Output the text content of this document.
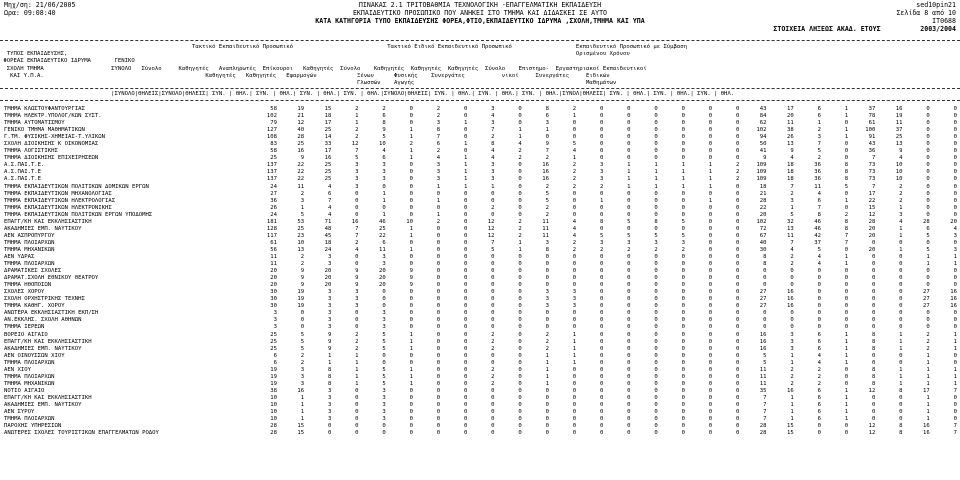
Μηχ/ση: 21/06/2005
Ωρα: 09:08:40
ΠΙΝΑΚΑΣ 2.1 ΤΡΙΤΟΒΑΘΜΙΑ ΤΕΧΝΟΛΟΓΙΚΗ -ΕΠΑΓΓΕΛΜΑΤΙΚΗ ΕΚΠΑΙΔΕΥΣΗ
ΕΚΠΑΙΔΕΥΤΙΚΟ ΠΡΟΣΩΠΙΚΟ ΠΟΥ ΑΝΗΚΕΙ ΣΤΟ ΤΜΗΜΑ ΚΑΙ ΔΙΔΑΣΚΕΙ ΣΕ ΑΥΤΟ
ΚΑΤΑ ΚΑΤΗΓΟΡΙΑ ΤΥΠΟ ΕΚΠΑΙΔΕΥΣΗΣ ΦΟΡΕΑ,ΦΤΙΟ,ΕΚΠΑΙΔΕΥΤΙΚΟ ΙΔΡΥΜΑ ,ΣΧΟΛΗ,ΤΜΗΜΑ ΚΑΙ ΥΠΑ
sed10pin21
Σελίδα 8 από 10
IT0688
ΣΤΟΙΧΕΙΑ ΛΗΞΕΩΣ ΑΚΑΔ. ΕΤΟΥΣ          2003/2004
Τακτικό Εκπαιδευτικό Προσωπικό                            Τακτικό Ειδικό Εκπαιδευτικό Προσωπικό                   Εκπαιδευτικό Προσωπικό με Σύμβαση
ΤΥΠΟΣ ΕΚΠΑΙΔΕΥΣΗΣ,                                                                                                                                                       Ορισμένου Χρόνου
ΦΟΡΕΑΣ ΕΚΠΑΙΔΕΥΤΙΚΟ ΙΔΡΥΜΑ       ΓΕΝΙΚΟ
ΣΧΟΛΗ ΤΜΗΜΑ                    ΣΥΝΟΛΟ   Σύνολο     Καθηγητές   Αναπληρωτές  Επίκουροι   Καθηγητές  Σύνολο    Καθηγητές  Καθηγητές  Καθηγητές  Σύνολο    Επιστημο-  Εργαστηριακοί Εκπαιδευτικοί
ΚΑΙ Υ.Π.Α.                                                Καθηγητές   Καθηγητές   Εφαρμογών            Ξένων      Φυσικής    Συνεργάτες           νικοί     Συνεργάτες     Ειδικών
Γλωσσών    Αγωγής                                                   Μαθημάτων
|ΣΥΝΟΛΟ|ΘΗΛΕΙΣ|ΣΥΝΟΛΟ|ΘΗΛΕΙΣ| ΣΥΝ. | ΘΗΛ.| ΣΥΝ. | ΘΗΛ.| ΣΥΝ. | ΘΗΛ.| ΣΥΝ. | ΘΗΛ.|ΣΥΝΟΛΟ|ΘΗΛΕΙΣ| ΣΥΝ. | ΘΗΛ.| ΣΥΝ. | ΘΗΛ.| ΣΥΝ. | ΘΗΛ.|ΣΥΝΟΛ|ΘΗΛΕΙΣ| ΣΥΝ. | ΘΗΛ.| ΣΥΝ. | ΘΗΛ.| ΣΥΝ. | ΘΗΛ.
ΤΜΗΜΑ ΚΛΩΣΤΟΥΦΑΝΤΟΥΡΓΙΑΣ	58	19	15	2	2	0	2	0	3	0	8	2	0	0	0	0	0	0	43	17	6	1	37	16	0	0
ΤΜΗΜΑ ΗΛΕΚΤΡ.ΥΠΟΛΟΓ/ΚΩΝ ΣΥΣΤ.	102	21	18	1	6	0	2	0	4	0	6	1	0	0	0	0	0	0	84	20	6	1	78	19	0	0
ΤΜΗΜΑ ΑΥΤΟΜΑΤΙΣΜΟΥ	79	12	17	1	8	0	3	1	3	0	3	0	0	0	0	0	0	0	62	11	1	0	61	11	0	0
ΓΕΝΙΚΟ ΤΜΗΜΑ ΜΑΘΗΜΑΤΙΚΩΝ	127	40	25	2	9	1	8	0	7	1	1	0	0	0	0	0	0	0	102	38	2	1	100	37	0	0
Γ.ΤΜ. ΦΥΣΙΚΗΣ-ΧΗΜΕΙΑΣ-Τ.ΥΛΙΚΩΝ	108	28	14	2	5	1	7	0	2	1	0	0	0	0	0	0	0	0	94	26	3	1	91	25	0	0
ΣΧΟΛΗ ΔΙΟΙΚΗΣΗΣ Κ ΟΙΚΟΝΟΜΙΑΣ	83	25	33	12	10	2	6	1	8	4	9	5	0	0	0	0	0	0	50	13	7	0	43	13	0	0
ΤΜΗΜΑ ΛΟΓΙΣΤΙΚΗΣ	58	16	17	7	4	1	2	0	4	2	7	4	0	0	0	0	0	0	41	9	5	0	36	9	0	0
ΤΜΗΜΑ ΔΙΟΙΚΗΣΗΣ ΕΠΙΧΕΙΡΗΣΕΩΝ	25	9	16	5	6	1	4	1	4	2	2	1	0	0	0	0	0	0	9	4	2	0	7	4	0	0
Α.Σ.ΠΑΙ.Τ.Ε.	137	22	25	3	3	0	3	1	3	0	16	2	3	1	1	1	1	2	109	18	36	8	73	10	0	0
Α.Σ.ΠΑΙ.Τ.Ε	137	22	25	3	3	0	3	1	3	0	16	2	3	1	1	1	1	2	109	18	36	8	73	10	0	0
Α.Σ.ΠΑΙ.Τ.Ε	137	22	25	3	3	0	3	1	3	0	16	2	3	1	1	1	1	2	109	18	36	8	73	10	0	0
ΤΜΗΜΑ ΕΚΠΑΙΔΕΥΤΙΚΩΝ ΠΟΛΙΤΙΚΩΝ ΔΟΜΙΚΩΝ ΕΡΓΩΝ	24	11	4	3	0	0	1	1	1	0	2	2	2	1	1	1	1	0	18	7	11	5	7	2	0	0
ΤΜΗΜΑ ΕΚΠΑΙΔΕΥΤΙΚΩΝ ΜΗΧΑΝΟΛΟΓΙΑΣ	27	2	6	0	1	0	0	0	0	0	5	0	0	0	0	0	0	0	21	2	4	0	17	2	0	0
ΤΜΗΜΑ ΕΚΠΑΙΔΕΥΤΙΚΩΝ ΗΛΕΚΤΡΟΛΟΓΙΑΣ	36	3	7	0	1	0	1	0	0	0	5	0	1	0	0	0	1	0	28	3	6	1	22	2	0	0
ΤΜΗΜΑ ΕΚΠΑΙΔΕΥΤΙΚΩΝ ΗΛΕΚΤΡΟΝΙΚΗΣ	26	1	4	0	0	0	0	0	2	0	2	0	0	0	0	0	0	0	22	1	7	0	15	1	0	0
ΤΜΗΜΑ ΕΚΠΑΙΔΕΥΤΙΚΩΝ ΠΟΛΙΤΙΚΩΝ ΕΡΓΩΝ ΥΠΟΔΟΜΗΣ	24	5	4	0	1	0	1	0	0	0	2	0	0	0	0	0	0	0	20	5	8	2	12	3	0	0
ΕΠΑΓΓ/ΚΗ ΚΑΙ ΕΚΚΛΗΣΙΑΣΤΙΚΗ	181	53	71	16	46	10	2	0	12	2	11	4	8	5	8	5	0	0	102	32	46	8	28	4	28	20
ΑΚΑΔΗΜΙΕΣ ΕΜΠ. ΝΑΥΤΙΚΟΥ	128	25	48	7	25	1	0	0	12	2	11	4	0	0	0	0	0	0	72	13	46	8	20	1	6	4
ΑΕΝ ΑΣΠΡΟΠΥΡΓΟΥ	117	23	45	7	22	1	0	0	12	2	11	4	5	5	5	5	0	0	67	11	42	7	20	1	5	3
ΤΜΗΜΑ ΠΛΟΙΑΡΧΩΝ	61	10	18	2	6	0	0	0	7	1	3	2	3	3	3	3	0	0	40	7	37	7	0	0	0	0
ΤΜΗΜΑ ΜΗΧΑΝΙΚΩΝ	56	13	24	4	11	1	0	0	5	1	8	2	2	2	2	2	0	0	30	4	5	0	20	1	5	3
ΑΕΝ ΥΔΡΑΣ	11	2	3	0	3	0	0	0	0	0	0	0	0	0	0	0	0	0	8	2	4	1	0	0	1	1
ΤΜΗΜΑ ΠΛΟΙΑΡΧΩΝ	11	2	3	0	3	0	0	0	0	0	0	0	0	0	0	0	0	0	8	2	4	1	0	0	1	1
ΔΡΑΜΑΤΙΚΕΣ ΣΧΟΛΕΣ	20	9	20	9	20	9	0	0	0	0	0	0	0	0	0	0	0	0	0	0	0	0	0	0	0	0
ΔΡΑΜΑΤ.ΣΧΟΛΗ ΕΘΝΙΚΟΥ ΘΕΑΤΡΟΥ	20	9	20	9	20	9	0	0	0	0	0	0	0	0	0	0	0	0	0	0	0	0	0	0	0	0
ΤΜΗΜΑ ΗΘΟΠΟΙΩΝ	20	9	20	9	20	9	0	0	0	0	0	0	0	0	0	0	0	0	0	0	0	0	0	0	0	0
ΣΧΟΛΕΣ ΧΟΡΟΥ	30	19	3	3	0	0	0	0	0	0	3	3	0	0	0	0	0	0	27	16	0	0	0	0	27	16
ΣΧΟΛΗ ΟΡΧΗΣΤΡΙΚΗΣ ΤΕΧΝΗΣ	30	19	3	3	0	0	0	0	0	0	3	3	0	0	0	0	0	0	27	16	0	0	0	0	27	16
ΤΜΗΜΑ ΚΑΘΗΓ. ΧΟΡΟΥ	30	19	3	3	0	0	0	0	0	0	3	3	0	0	0	0	0	0	27	16	0	0	0	0	27	16
ΑΝΩΤΕΡΑ ΕΚΚΛΗΣΙΑΣΤΙΚΗ ΕΚΠ/ΣΗ	3	0	3	0	3	0	0	0	0	0	0	0	0	0	0	0	0	0	0	0	0	0	0	0	0	0
ΑΝ.ΕΚΚΛΗΣ. ΣΧΟΛΗ ΑΘΗΝΩΝ	3	0	3	0	3	0	0	0	0	0	0	0	0	0	0	0	0	0	0	0	0	0	0	0	0	0
ΤΜΗΜΑ ΙΕΡΕΩΝ	3	0	3	0	3	0	0	0	0	0	0	0	0	0	0	0	0	0	0	0	0	0	0	0	0	0
ΒΟΡΕΙΟ ΑΙΓΑΙΟ	25	5	9	2	5	1	0	0	2	0	2	1	0	0	0	0	0	0	16	3	6	1	8	1	2	1
ΕΠΑΓΓ/ΚΗ ΚΑΙ ΕΚΚΛΗΣΙΑΣΤΙΚΗ	25	5	9	2	5	1	0	0	2	0	2	1	0	0	0	0	0	0	16	3	6	1	8	1	2	1
ΑΚΑΔΗΜΙΕΣ ΕΜΠ. ΝΑΥΤΙΚΟΥ	25	5	9	2	5	1	0	0	2	0	2	1	0	0	0	0	0	0	16	3	6	1	8	1	2	1
ΑΕΝ ΟΙΝΟΥΣΣΩΝ ΧΙΟΥ	6	2	1	1	0	0	0	0	0	0	1	1	0	0	0	0	0	0	5	1	4	1	0	0	1	0
ΤΜΗΜΑ ΠΛΟΙΑΡΧΩΝ	6	2	1	1	0	0	0	0	0	0	1	1	0	0	0	0	0	0	5	1	4	1	0	0	1	0
ΑΕΝ ΧΙΟΥ	19	3	8	1	5	1	0	0	2	0	1	0	0	0	0	0	0	0	11	2	2	0	8	1	1	1
ΤΜΗΜΑ ΠΛΟΙΑΡΧΩΝ	19	3	8	1	5	1	0	0	2	0	1	0	0	0	0	0	0	0	11	2	2	0	8	1	1	1
ΤΜΗΜΑ ΜΗΧΑΝΙΚΩΝ	19	3	8	1	5	1	0	0	2	0	1	0	0	0	0	0	0	0	11	2	2	0	8	1	1	1
ΝΟΤΙΟ ΑΙΓΑΙΟ	38	16	3	0	3	0	0	0	0	0	0	0	0	0	0	0	0	0	35	16	6	1	12	8	17	7
ΕΠΑΓΓ/ΚΗ ΚΑΙ ΕΚΚΛΗΣΙΑΣΤΙΚΗ	10	1	3	0	3	0	0	0	0	0	0	0	0	0	0	0	0	0	7	1	6	1	0	0	1	0
ΑΚΑΔΗΜΙΕΣ ΕΜΠ. ΝΑΥΤΙΚΟΥ	10	1	3	0	3	0	0	0	0	0	0	0	0	0	0	0	0	0	7	1	6	1	0	0	1	0
ΑΕΝ ΣΥΡΟΥ	10	1	3	0	3	0	0	0	0	0	0	0	0	0	0	0	0	0	7	1	6	1	0	0	1	0
ΤΜΗΜΑ ΠΛΟΙΑΡΧΩΝ	10	1	3	0	3	0	0	0	0	0	0	0	0	0	0	0	0	0	7	1	6	1	0	0	1	0
ΠΑΡΟΧΗΣ ΥΠΗΡΕΣΙΩΝ	28	15	0	0	0	0	0	0	0	0	0	0	0	0	0	0	0	0	28	15	0	0	12	8	16	7
ΑΝΩΤΕΡΕΣ ΣΧΟΛΕΣ ΤΟΥΡΙΣΤΙΚΩΝ ΕΠΑΓΓΕΛΜΑΤΩΝ ΡΟΔΟΥ	28	15	0	0	0	0	0	0	0	0	0	0	0	0	0	0	0	0	28	15	0	0	12	8	16	7
